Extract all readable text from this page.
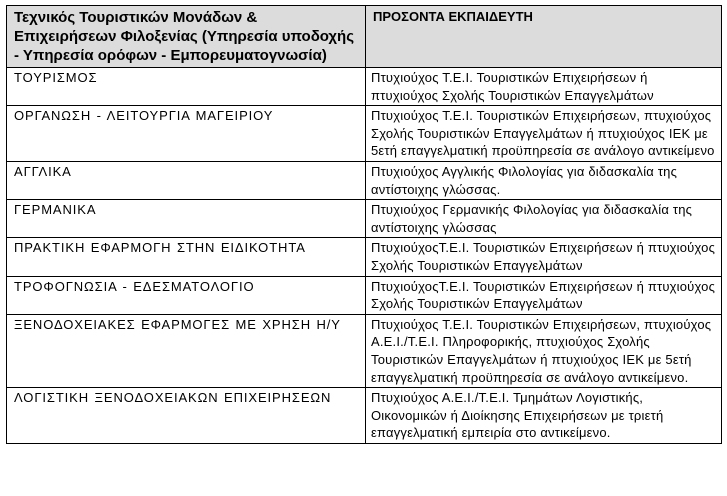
Τεχνικός Τουριστικών Μονάδων & Επιχειρήσεων Φιλοξενίας (Υπηρεσία υποδοχής - Υπηρεσία ορόφων - Εμπορευματογνωσία)	ΠΡΟΣΟΝΤΑ ΕΚΠΑΙΔΕΥΤΗ
ΤΟΥΡΙΣΜΟΣ	Πτυχιούχος Τ.Ε.Ι. Τουριστικών Επιχειρήσεων ή πτυχιούχος Σχολής Τουριστικών Επαγγελμάτων
ΟΡΓΑΝΩΣΗ - ΛΕΙΤΟΥΡΓΙΑ ΜΑΓΕΙΡΙΟΥ	Πτυχιούχος Τ.Ε.Ι. Τουριστικών Επιχειρήσεων, πτυχιούχος Σχολής Τουριστικών Επαγγελμάτων ή πτυχιούχος ΙΕΚ με 5ετή επαγγελματική προϋπηρεσία σε ανάλογο αντικείμενο
ΑΓΓΛΙΚΑ	Πτυχιούχος Αγγλικής Φιλολογίας για διδασκαλία της αντίστοιχης γλώσσας.
ΓΕΡΜΑΝΙΚΑ	Πτυχιούχος Γερμανικής Φιλολογίας για διδασκαλία της αντίστοιχης γλώσσας
ΠΡΑΚΤΙΚΗ ΕΦΑΡΜΟΓΗ ΣΤΗΝ ΕΙΔΙΚΟΤΗΤΑ	ΠτυχιούχοςΤ.Ε.Ι. Τουριστικών Επιχειρήσεων ή πτυχιούχος Σχολής Τουριστικών Επαγγελμάτων
ΤΡΟΦΟΓΝΩΣΙΑ - ΕΔΕΣΜΑΤΟΛΟΓΙΟ	ΠτυχιούχοςΤ.Ε.Ι. Τουριστικών Επιχειρήσεων ή πτυχιούχος Σχολής Τουριστικών Επαγγελμάτων
ΞΕΝΟΔΟΧΕΙΑΚΕΣ ΕΦΑΡΜΟΓΕΣ ΜΕ ΧΡΗΣΗ Η/Υ	Πτυχιούχος Τ.Ε.Ι. Τουριστικών Επιχειρήσεων, πτυχιούχος Α.Ε.Ι./Τ.Ε.Ι. Πληροφορικής, πτυχιούχος Σχολής Τουριστικών Επαγγελμάτων ή πτυχιούχος ΙΕΚ με 5ετή επαγγελματική προϋπηρεσία σε ανάλογο αντικείμενο.
ΛΟΓΙΣΤΙΚΗ ΞΕΝΟΔΟΧΕΙΑΚΩΝ ΕΠΙΧΕΙΡΗΣΕΩΝ	Πτυχιούχος Α.Ε.Ι./Τ.Ε.Ι. Τμημάτων Λογιστικής, Οικονομικών ή Διοίκησης Επιχειρήσεων με τριετή επαγγελματική εμπειρία στο αντικείμενο.
